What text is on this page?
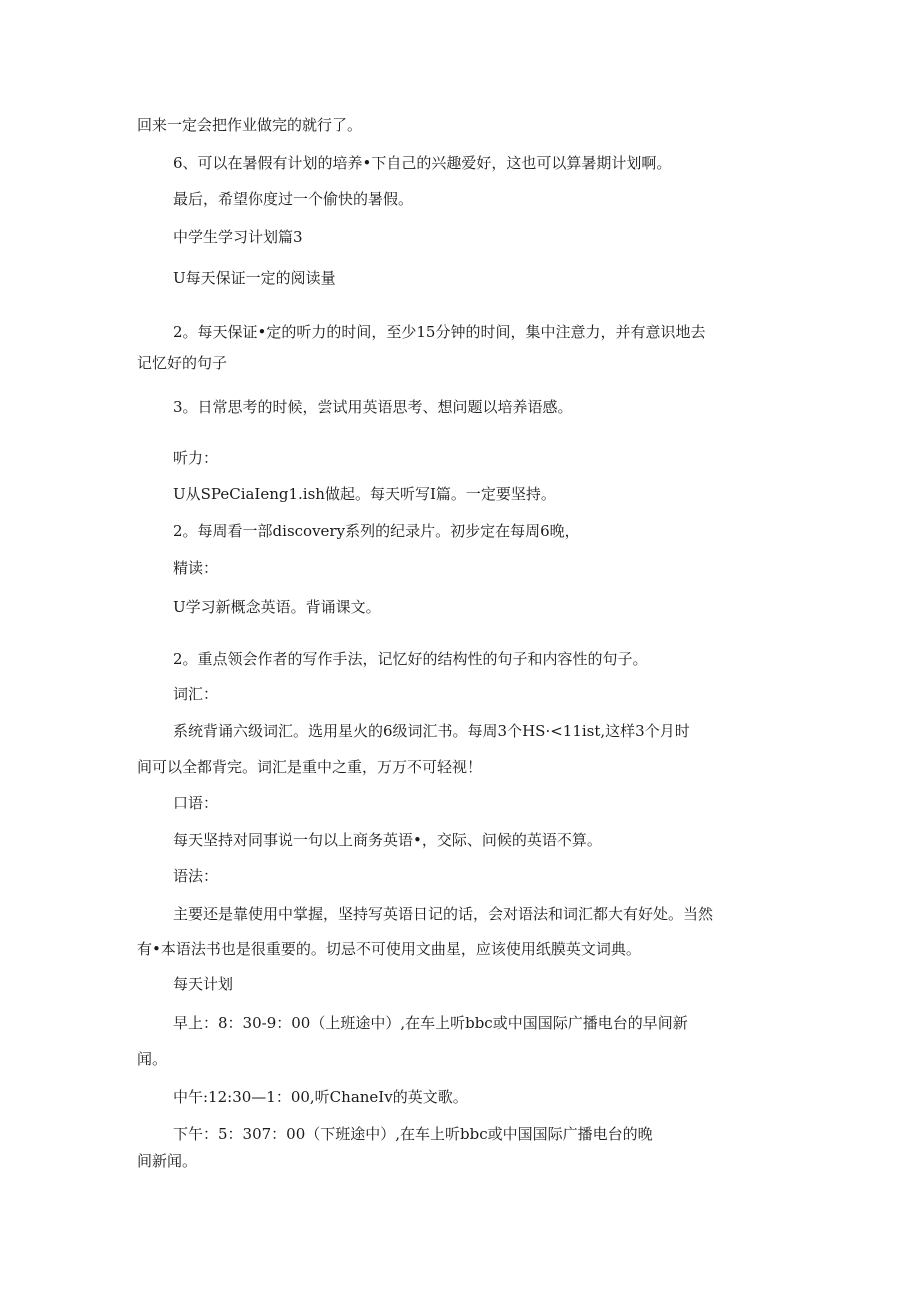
回来一定会把作业做完的就行了。

6、可以在暑假有计划的培养•下自己的兴趣爱好，这也可以算暑期计划啊。

最后，希望你度过一个偷快的暑假。

中学生学习计划篇3

U每天保证一定的阅读量

2。每天保证•定的听力的时间，至少15分钟的时间，集中注意力，并有意识地去

记忆好的句子

3。日常思考的时候，尝试用英语思考、想问题以培养语感。

听力：

U从SPeCiaIeng1.ish做起。每天听写I篇。一定要坚持。

2。每周看一部discovery系列的纪录片。初步定在每周6晚，

精读：

U学习新概念英语。背诵课文。

2。重点领会作者的写作手法，记忆好的结构性的句子和内容性的句子。

词汇：

系统背诵六级词汇。选用星火的6级词汇书。每周3个HS·<11ist,这样3个月时

间可以全都背完。词汇是重中之重，万万不可轻视！

口语：

每天坚持对同事说一句以上商务英语•，交际、问候的英语不算。

语法：

主要还是靠使用中掌握，坚持写英语日记的话，会对语法和词汇都大有好处。当然

有•本语法书也是很重要的。切忌不可使用文曲星，应该使用纸膜英文词典。

每天计划

早上：8：30-9：00（上班途中）,在车上听bbc或中国国际广播电台的早间新

闻。

中午:12:30—1：00,听ChaneIv的英文歌。

下午：5：307：00（下班途中）,在车上听bbc或中国国际广播电台的晚

间新闻。
